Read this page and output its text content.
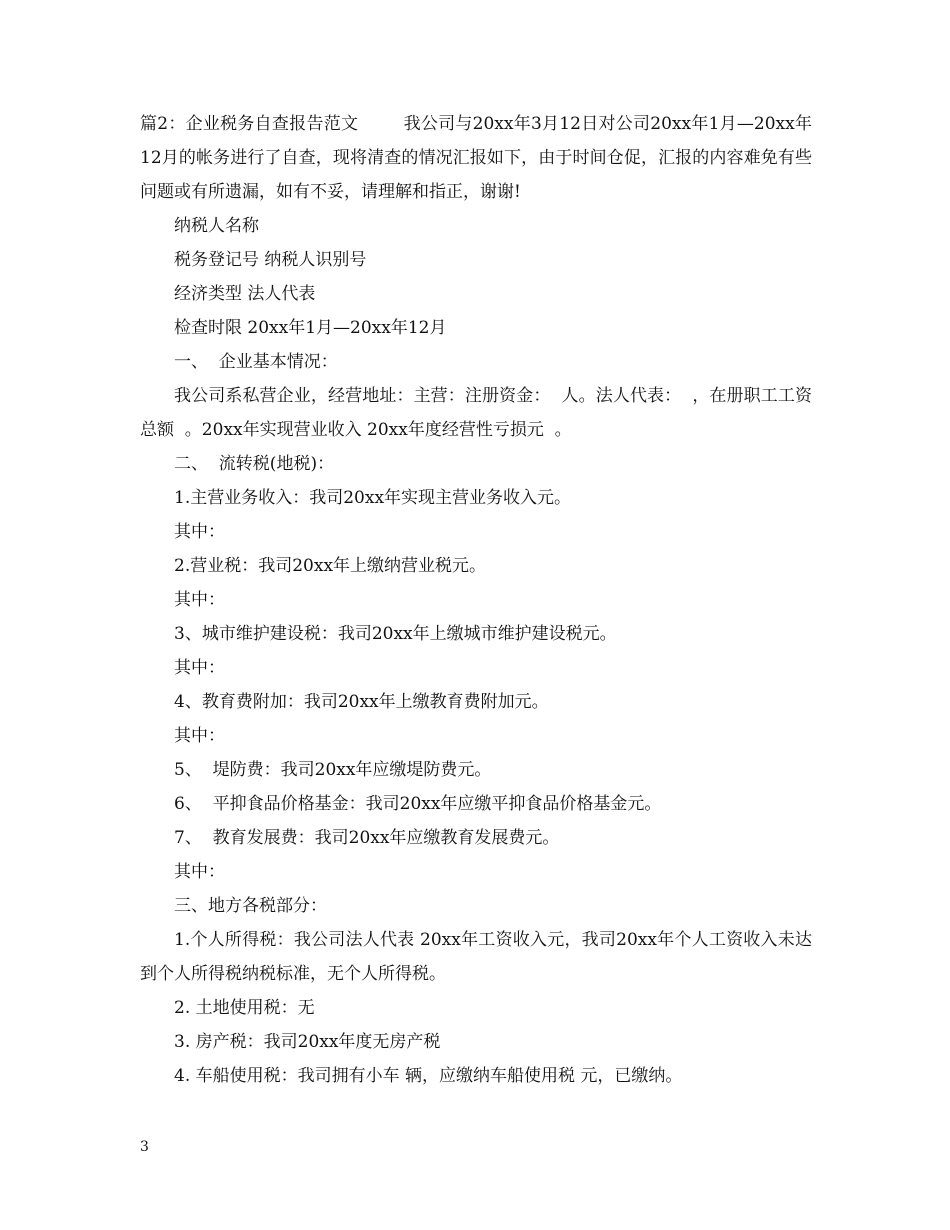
篇2：企业税务自查报告范文        我公司与20xx年3月12日对公司20xx年1月—20xx年12月的帐务进行了自查，现将清查的情况汇报如下，由于时间仓促，汇报的内容难免有些问题或有所遗漏，如有不妥，请理解和指正，谢谢!

纳税人名称

税务登记号 纳税人识别号

经济类型 法人代表

检查时限 20xx年1月—20xx年12月

一、  企业基本情况：

我公司系私营企业，经营地址：主营：注册资金：  人。法人代表：  ，在册职工工资总额  。20xx年实现营业收入 20xx年度经营性亏损元  。

二、  流转税(地税)：

1.主营业务收入：我司20xx年实现主营业务收入元。

其中：

2.营业税：我司20xx年上缴纳营业税元。

其中：

3、城市维护建设税：我司20xx年上缴城市维护建设税元。

其中：

4、教育费附加：我司20xx年上缴教育费附加元。

其中：

5、  堤防费：我司20xx年应缴堤防费元。

6、  平抑食品价格基金：我司20xx年应缴平抑食品价格基金元。

7、  教育发展费：我司20xx年应缴教育发展费元。

其中：

三、地方各税部分：

1.个人所得税：我公司法人代表 20xx年工资收入元，我司20xx年个人工资收入未达到个人所得税纳税标准，无个人所得税。

2. 土地使用税：无

3. 房产税：我司20xx年度无房产税

4. 车船使用税：我司拥有小车 辆，应缴纳车船使用税 元，已缴纳。

3
